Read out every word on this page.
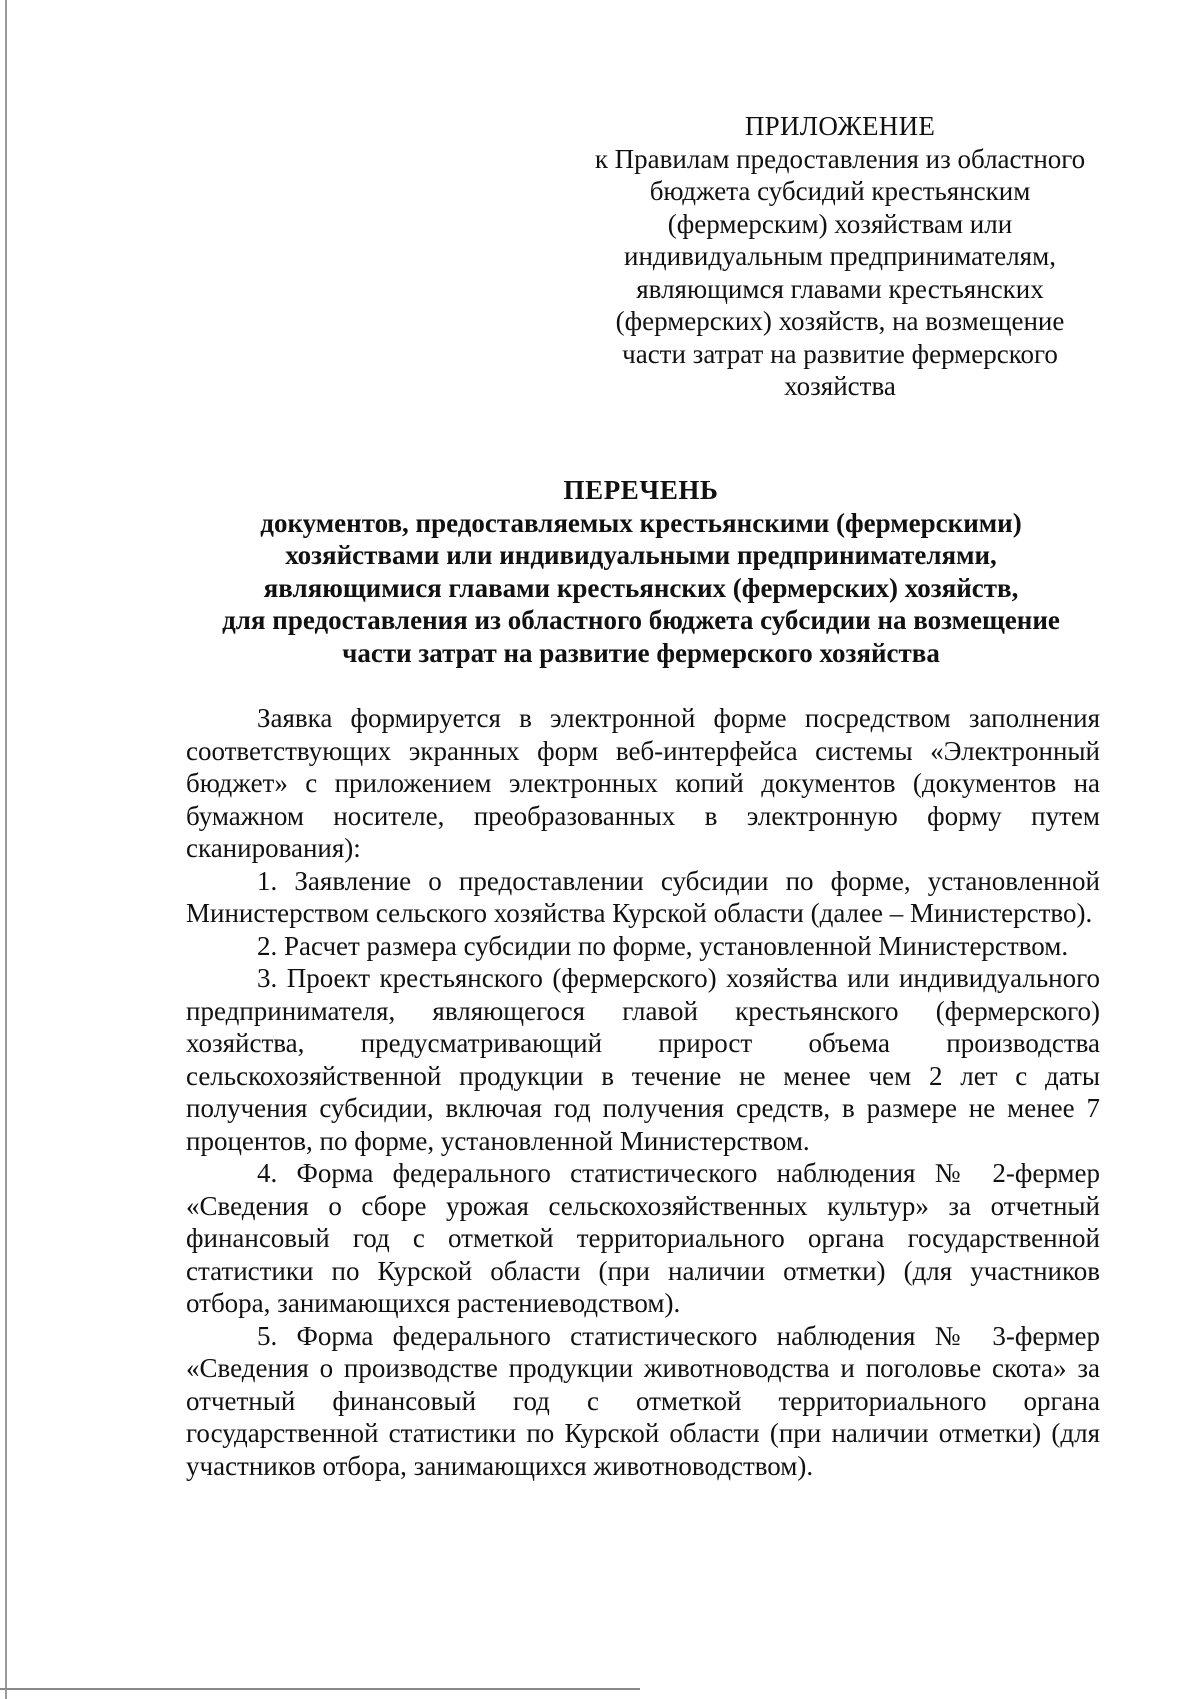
ПРИЛОЖЕНИЕ
к Правилам предоставления из областного
бюджета субсидий крестьянским
(фермерским) хозяйствам или
индивидуальным предпринимателям,
являющимся главами крестьянских
(фермерских) хозяйств, на возмещение
части затрат на развитие фермерского
хозяйства
ПЕРЕЧЕНЬ
документов, предоставляемых крестьянскими (фермерскими)
хозяйствами или индивидуальными предпринимателями,
являющимися главами крестьянских (фермерских) хозяйств,
для предоставления из областного бюджета субсидии на возмещение
части затрат на развитие фермерского хозяйства

Заявка формируется в электронной форме посредством заполнения соответствующих экранных форм веб-интерфейса системы «Электронный бюджет» с приложением электронных копий документов (документов на бумажном носителе, преобразованных в электронную форму путем сканирования):

1. Заявление о предоставлении субсидии по форме, установленной Министерством сельского хозяйства Курской области (далее – Министерство).

2. Расчет размера субсидии по форме, установленной Министерством.

3. Проект крестьянского (фермерского) хозяйства или индивидуального предпринимателя, являющегося главой крестьянского (фермерского) хозяйства, предусматривающий прирост объема производства сельскохозяйственной продукции в течение не менее чем 2 лет с даты получения субсидии, включая год получения средств, в размере не менее 7 процентов, по форме, установленной Министерством.

4. Форма федерального статистического наблюдения № 2-фермер «Сведения о сборе урожая сельскохозяйственных культур» за отчетный финансовый год с отметкой территориального органа государственной статистики по Курской области (при наличии отметки) (для участников отбора, занимающихся растениеводством).

5. Форма федерального статистического наблюдения № 3-фермер «Сведения о производстве продукции животноводства и поголовье скота» за отчетный финансовый год с отметкой территориального органа государственной статистики по Курской области (при наличии отметки) (для участников отбора, занимающихся животноводством).
